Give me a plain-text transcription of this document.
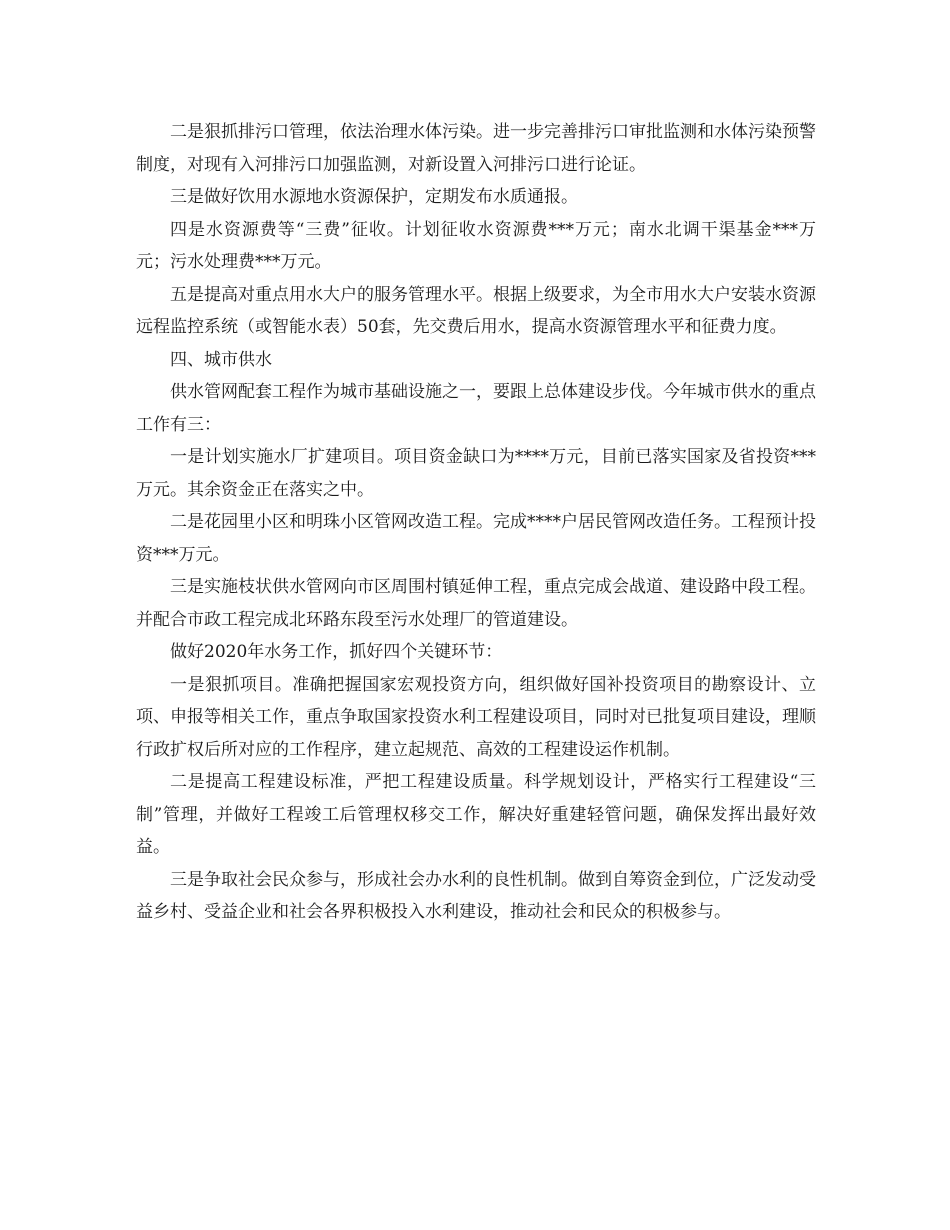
二是狠抓排污口管理，依法治理水体污染。进一步完善排污口审批监测和水体污染预警制度，对现有入河排污口加强监测，对新设置入河排污口进行论证。

三是做好饮用水源地水资源保护，定期发布水质通报。

四是水资源费等“三费”征收。计划征收水资源费***万元；南水北调干渠基金***万元；污水处理费***万元。

五是提高对重点用水大户的服务管理水平。根据上级要求，为全市用水大户安装水资源远程监控系统（或智能水表）50套，先交费后用水，提高水资源管理水平和征费力度。

四、城市供水

供水管网配套工程作为城市基础设施之一，要跟上总体建设步伐。今年城市供水的重点工作有三：

一是计划实施水厂扩建项目。项目资金缺口为****万元，目前已落实国家及省投资***万元。其余资金正在落实之中。

二是花园里小区和明珠小区管网改造工程。完成****户居民管网改造任务。工程预计投资***万元。

三是实施枝状供水管网向市区周围村镇延伸工程，重点完成会战道、建设路中段工程。并配合市政工程完成北环路东段至污水处理厂的管道建设。

做好2020年水务工作，抓好四个关键环节：

一是狠抓项目。准确把握国家宏观投资方向，组织做好国补投资项目的勘察设计、立项、申报等相关工作，重点争取国家投资水利工程建设项目，同时对已批复项目建设，理顺行政扩权后所对应的工作程序，建立起规范、高效的工程建设运作机制。

二是提高工程建设标准，严把工程建设质量。科学规划设计，严格实行工程建设“三制”管理，并做好工程竣工后管理权移交工作，解决好重建轻管问题，确保发挥出最好效益。

三是争取社会民众参与，形成社会办水利的良性机制。做到自筹资金到位，广泛发动受益乡村、受益企业和社会各界积极投入水利建设，推动社会和民众的积极参与。
